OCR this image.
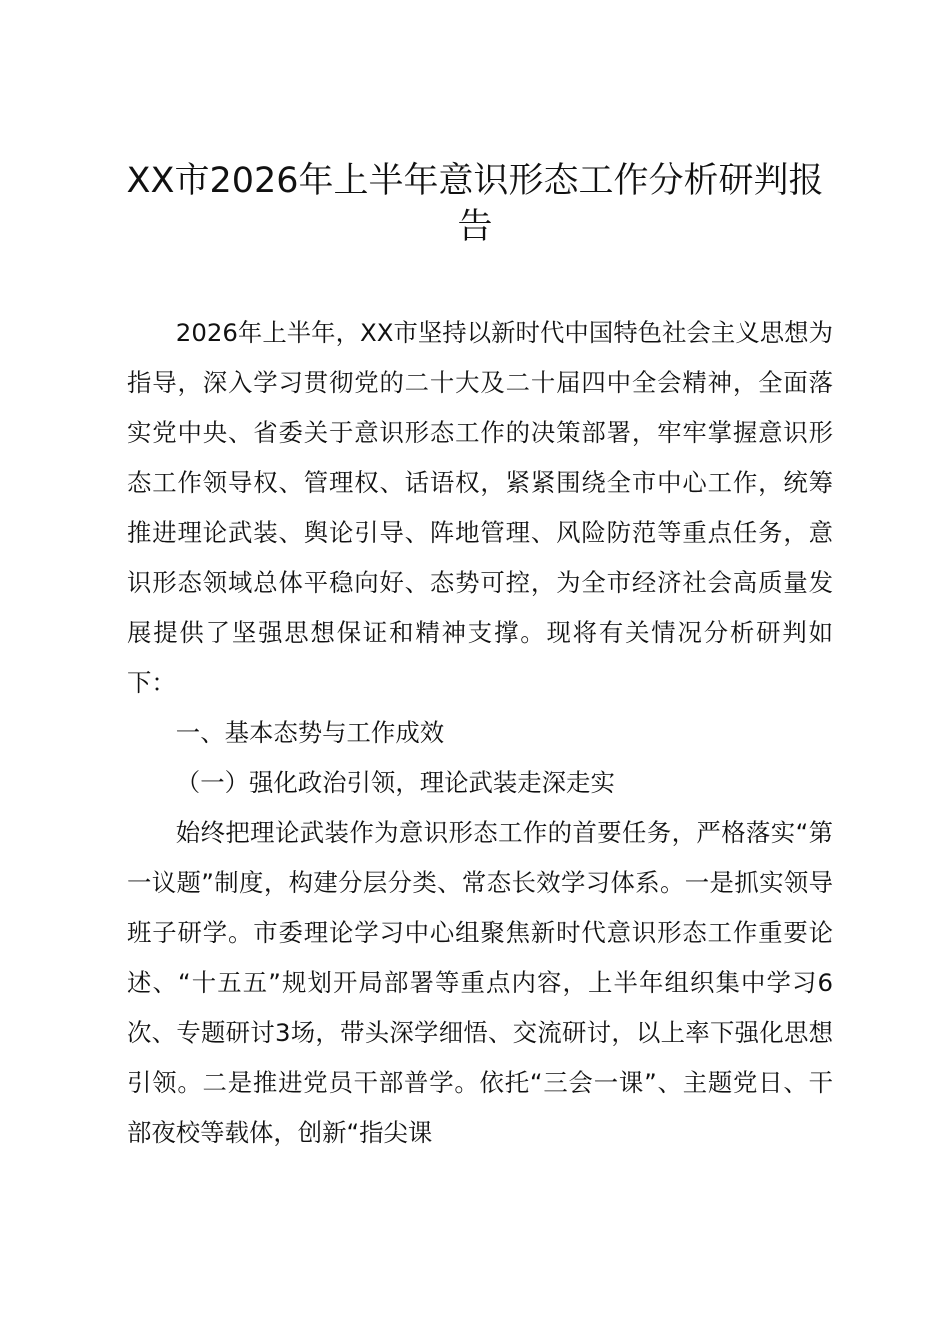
XX市2026年上半年意识形态工作分析研判报告

2026年上半年，XX市坚持以新时代中国特色社会主义思想为指导，深入学习贯彻党的二十大及二十届四中全会精神，全面落实党中央、省委关于意识形态工作的决策部署，牢牢掌握意识形态工作领导权、管理权、话语权，紧紧围绕全市中心工作，统筹推进理论武装、舆论引导、阵地管理、风险防范等重点任务，意识形态领域总体平稳向好、态势可控，为全市经济社会高质量发展提供了坚强思想保证和精神支撑。现将有关情况分析研判如下：

一、基本态势与工作成效

（一）强化政治引领，理论武装走深走实

始终把理论武装作为意识形态工作的首要任务，严格落实“第一议题”制度，构建分层分类、常态长效学习体系。一是抓实领导班子研学。市委理论学习中心组聚焦新时代意识形态工作重要论述、“十五五”规划开局部署等重点内容，上半年组织集中学习6次、专题研讨3场，带头深学细悟、交流研讨，以上率下强化思想引领。二是推进党员干部普学。依托“三会一课”、主题党日、干部夜校等载体，创新“指尖课
